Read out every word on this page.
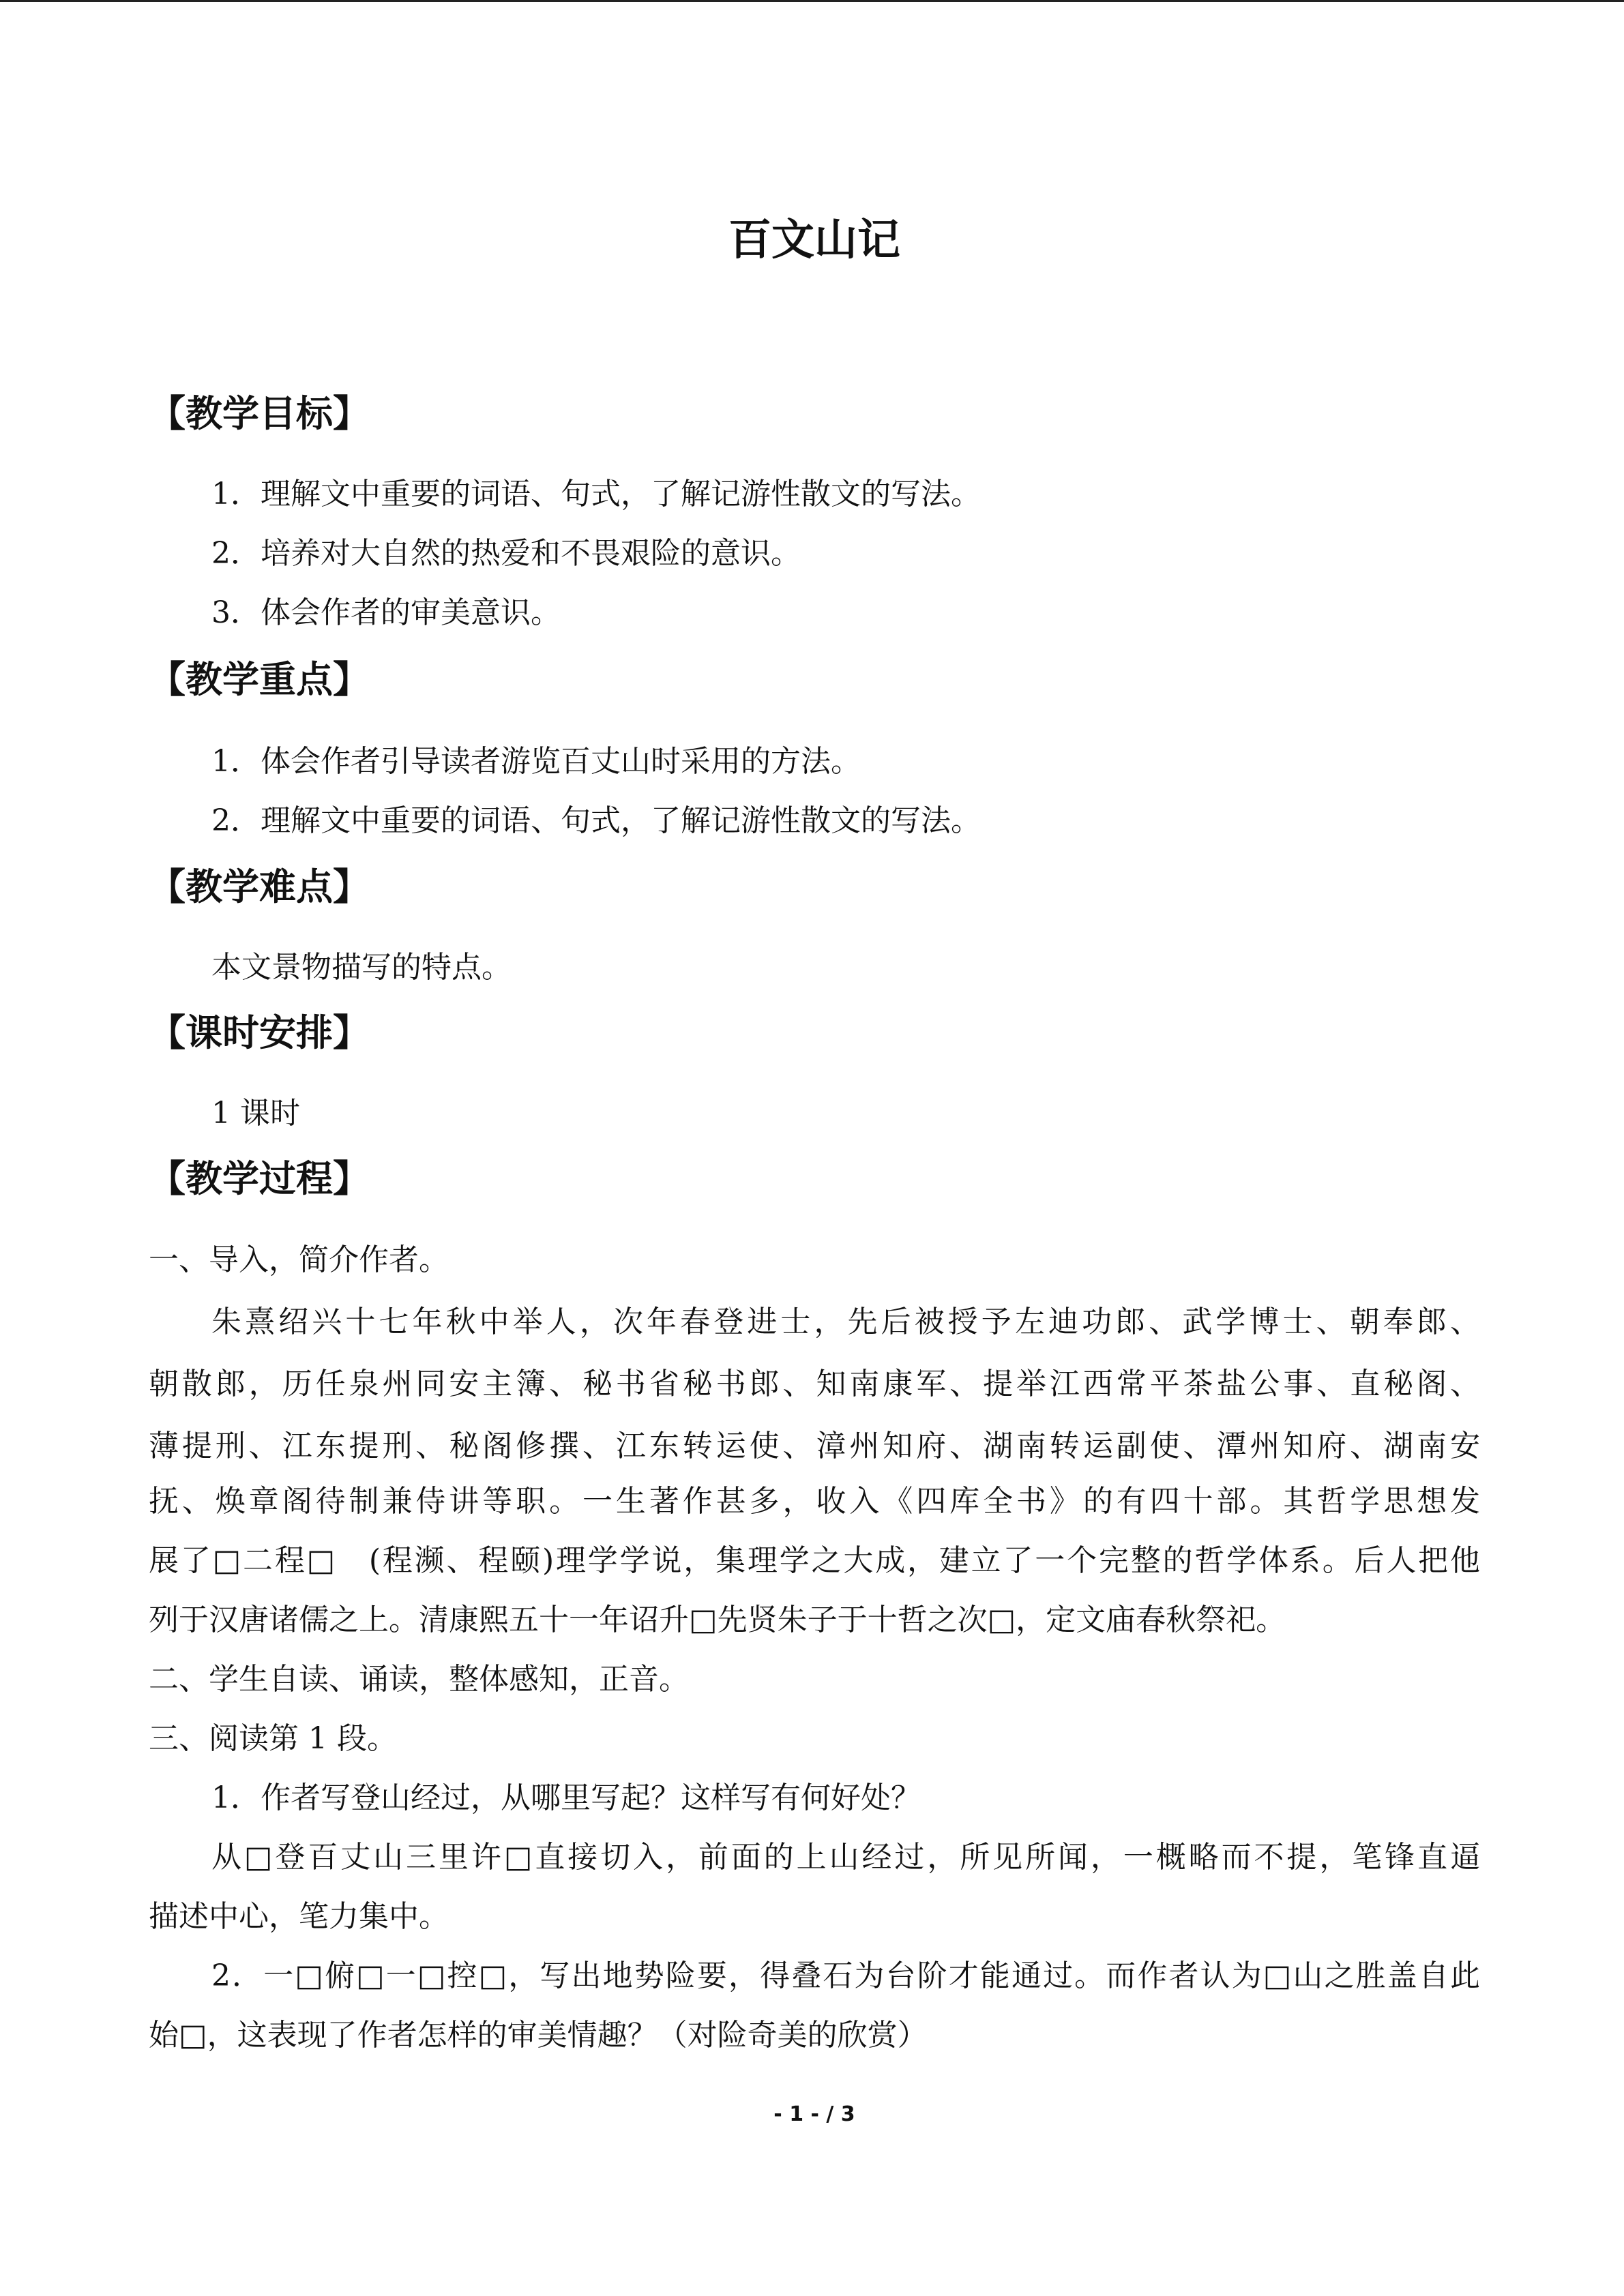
百文山记
【教学目标】
1．理解文中重要的词语、句式，了解记游性散文的写法。
2．培养对大自然的热爱和不畏艰险的意识。
3．体会作者的审美意识。
【教学重点】
1．体会作者引导读者游览百丈山时采用的方法。
2．理解文中重要的词语、句式，了解记游性散文的写法。
【教学难点】
本文景物描写的特点。
【课时安排】
1 课时
【教学过程】
一、导入，简介作者。
朱熹绍兴十七年秋中举人，次年春登进士，先后被授予左迪功郎、武学博士、朝奉郎、
朝散郎，历任泉州同安主簿、秘书省秘书郎、知南康军、提举江西常平茶盐公事、直秘阁、
薄提刑、江东提刑、秘阁修撰、江东转运使、漳州知府、湖南转运副使、潭州知府、湖南安
抚、焕章阁待制兼侍讲等职。一生著作甚多，收入《四库全书》的有四十部。其哲学思想发
展了□二程□　(程濒、程颐)理学学说，集理学之大成，建立了一个完整的哲学体系。后人把他
列于汉唐诸儒之上。清康熙五十一年诏升□先贤朱子于十哲之次□，定文庙春秋祭祀。
二、学生自读、诵读，整体感知，正音。
三、阅读第 1 段。
1．作者写登山经过，从哪里写起？这样写有何好处？
从□登百丈山三里许□直接切入，前面的上山经过，所见所闻，一概略而不提，笔锋直逼
描述中心，笔力集中。
2．一□俯□一□控□，写出地势险要，得叠石为台阶才能通过。而作者认为□山之胜盖自此
始□，这表现了作者怎样的审美情趣？（对险奇美的欣赏）
- 1 - / 3
